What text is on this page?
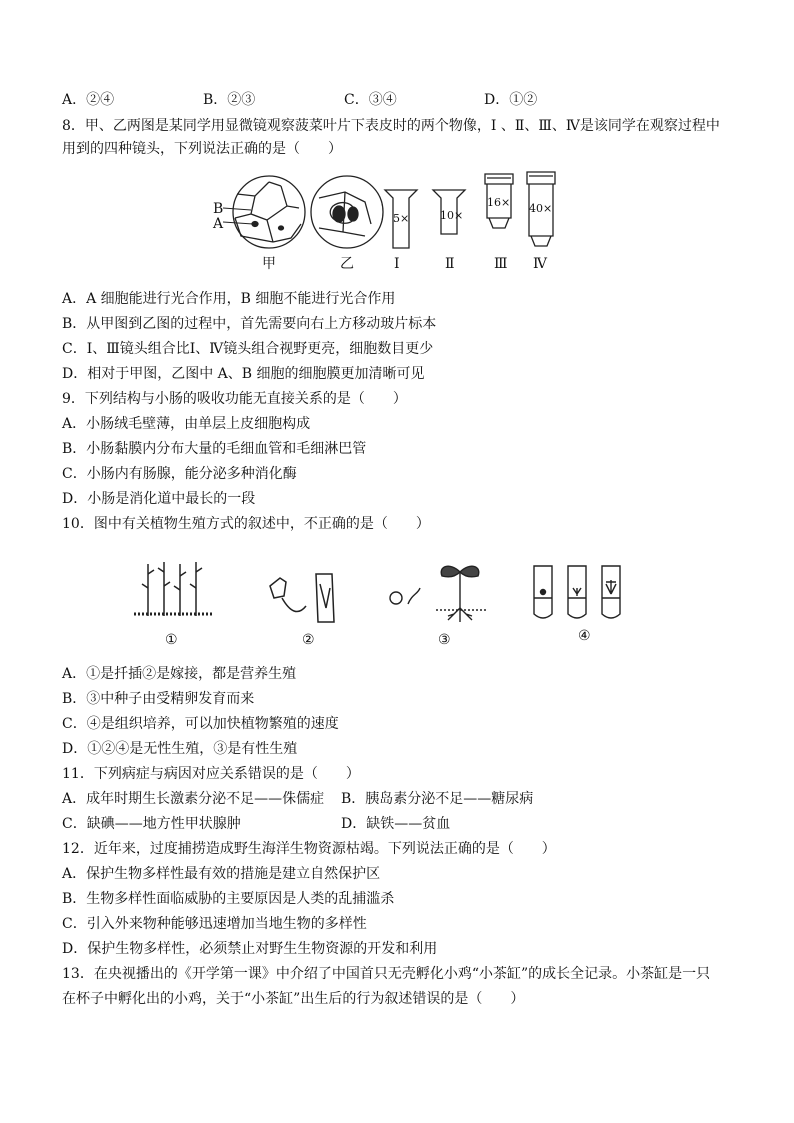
A．②④	B．②③	C．③④	D．①②
8．甲、乙两图是某同学用显微镜观察菠菜叶片下表皮时的两个物像，Ⅰ 、Ⅱ、Ⅲ、Ⅳ是该同学在观察过程中
用到的四种镜头，下列说法正确的是（　　）
B
A	5×	10×
16× 40×
甲	乙	Ⅰ	Ⅱ	Ⅲ Ⅳ
A．A 细胞能进行光合作用，B 细胞不能进行光合作用
B．从甲图到乙图的过程中，首先需要向右上方移动玻片标本
C．Ⅰ、Ⅲ镜头组合比Ⅰ、Ⅳ镜头组合视野更亮，细胞数目更少
D．相对于甲图，乙图中 A、B 细胞的细胞膜更加清晰可见
9．下列结构与小肠的吸收功能无直接关系的是（　　）
A．小肠绒毛壁薄，由单层上皮细胞构成
B．小肠黏膜内分布大量的毛细血管和毛细淋巴管
C．小肠内有肠腺，能分泌多种消化酶
D．小肠是消化道中最长的一段
10．图中有关植物生殖方式的叙述中，不正确的是（　　）
①	②	③	④
A．①是扦插②是嫁接，都是营养生殖
B．③中种子由受精卵发育而来
C．④是组织培养，可以加快植物繁殖的速度
D．①②④是无性生殖，③是有性生殖
11．下列病症与病因对应关系错误的是（　　）
A．成年时期生长激素分泌不足——侏儒症 B．胰岛素分泌不足——糖尿病
C．缺碘——地方性甲状腺肿	D．缺铁——贫血
12．近年来，过度捕捞造成野生海洋生物资源枯竭。下列说法正确的是（　　）
A．保护生物多样性最有效的措施是建立自然保护区
B．生物多样性面临威胁的主要原因是人类的乱捕滥杀
C．引入外来物种能够迅速增加当地生物的多样性
D．保护生物多样性，必须禁止对野生生物资源的开发和利用
13．在央视播出的《开学第一课》中介绍了中国首只无壳孵化小鸡“小茶缸”的成长全记录。小茶缸是一只
在杯子中孵化出的小鸡，关于“小茶缸”出生后的行为叙述错误的是（　　）
